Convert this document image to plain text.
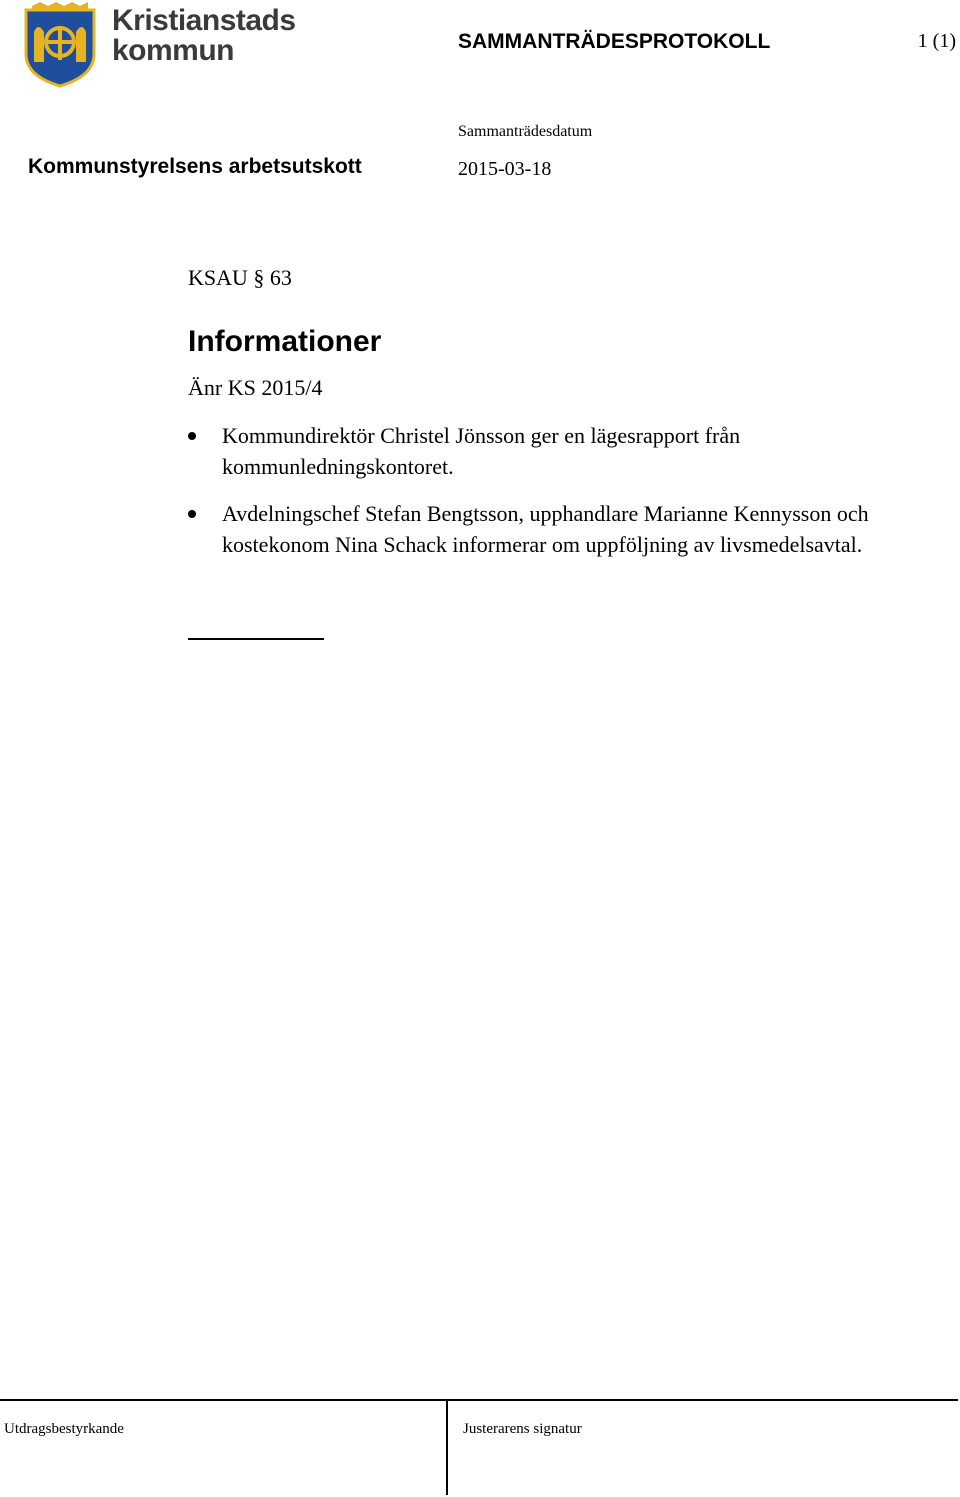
Kristianstads
kommun	SAMMANTRÄDESPROTOKOLL	1 (1)
Sammanträdesdatum
2015-03-18
Kommunstyrelsens arbetsutskott
KSAU § 63
Informationer
Änr KS 2015/4
Kommundirektör Christel Jönsson ger en lägesrapport från kommunledningskontoret.
Avdelningschef Stefan Bengtsson, upphandlare Marianne Kennysson och kostekonom Nina Schack informerar om uppföljning av livsmedelsavtal.
Utdragsbestyrkande	Justerarens signatur
